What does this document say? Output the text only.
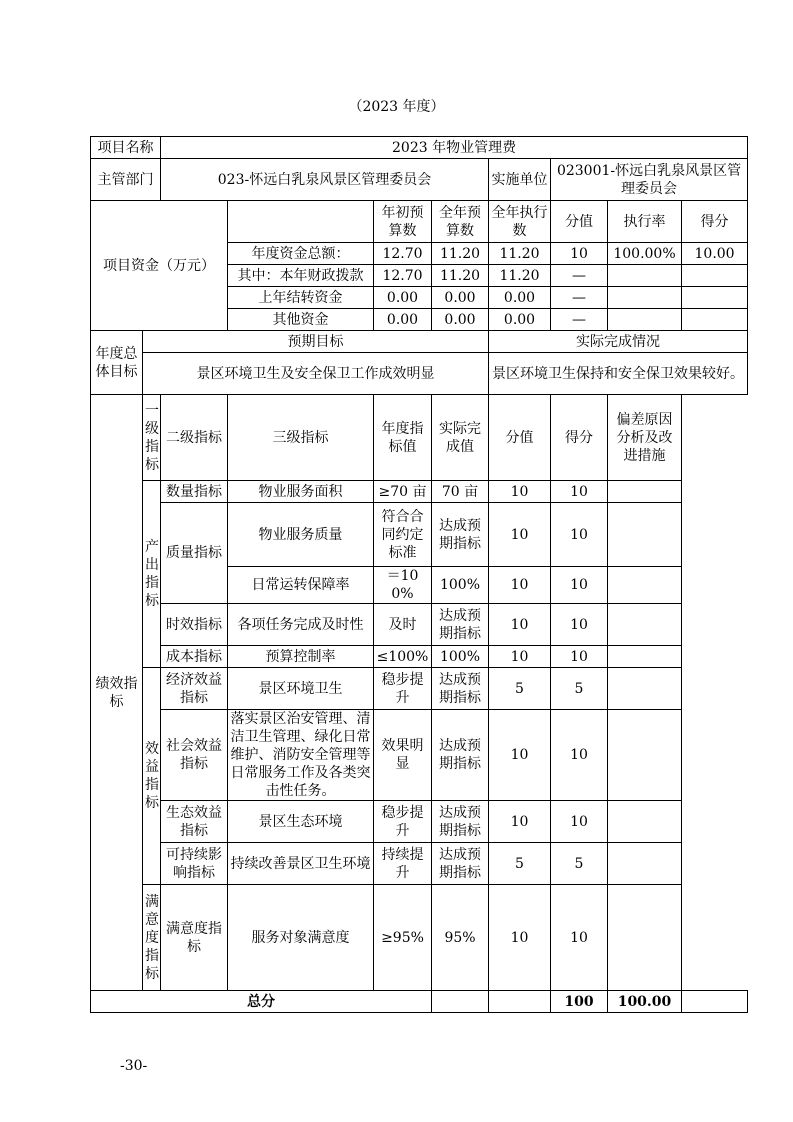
（2023 年度）
项目名称		2023 年物业管理费							
主管部门		023-怀远白乳泉风景区管理委员会				实施单位	023001-怀远白乳泉风景区管理委员会		
项目资金（万元）				年初预算数	全年预算数	全年执行数	分值	执行率	得分
			年度资金总额：	12.70	11.20	11.20	10	100.00%	10.00
			其中：本年财政拨款	12.70	11.20	11.20	—		
			上年结转资金	0.00	0.00	0.00	—		
			其他资金	0.00	0.00	0.00	—		
年度总体目标	预期目标					实际完成情况			
	景区环境卫生及安全保卫工作成效明显					景区环境卫生保持和安全保卫效果较好。			
绩效指标	一级指标	二级指标	三级指标	年度指标值	实际完成值	分值	得分	偏差原因分析及改进措施	
	产出指标	数量指标	物业服务面积	≥70 亩	70 亩	10	10		
		质量指标	物业服务质量	符合合同约定标准	达成预期指标	10	10		
			日常运转保障率	＝100%	100%	10	10		
		时效指标	各项任务完成及时性	及时	达成预期指标	10	10		
		成本指标	预算控制率	≤100%	100%	10	10		
	效益指标	经济效益指标	景区环境卫生	稳步提升	达成预期指标	5	5		
		社会效益指标	落实景区治安管理、清洁卫生管理、绿化日常维护、消防安全管理等日常服务工作及各类突击性任务。	效果明显	达成预期指标	10	10		
		生态效益指标	景区生态环境	稳步提升	达成预期指标	10	10		
		可持续影响指标	持续改善景区卫生环境	持续提升	达成预期指标	5	5		
	满意度指标	满意度指标	服务对象满意度	≥95%	95%	10	10		
总分							100	100.00	
-30-
